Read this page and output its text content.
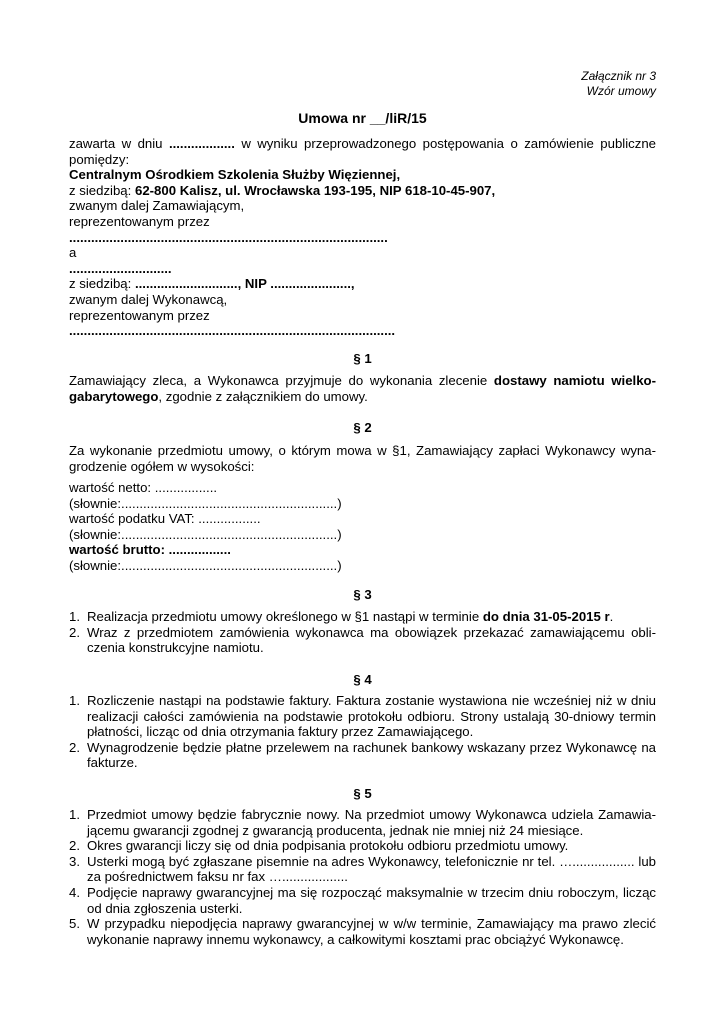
Załącznik nr 3
Wzór umowy
Umowa nr __/liR/15
zawarta w dniu .................. w wyniku przeprowadzonego postępowania o zamówienie publiczne
pomiędzy:
Centralnym Ośrodkiem Szkolenia Służby Więziennej,
z siedzibą: 62-800 Kalisz, ul. Wrocławska 193-195, NIP 618-10-45-907,
zwanym dalej Zamawiającym,
reprezentowanym przez
.......................................................................................
a
............................
z siedzibą: ............................, NIP ......................,
zwanym dalej Wykonawcą,
reprezentowanym przez
.........................................................................................
§ 1
Zamawiający zleca, a Wykonawca przyjmuje do wykonania zlecenie dostawy namiotu wielko-gabarytowego, zgodnie z załącznikiem do umowy.
§ 2
Za wykonanie przedmiotu umowy, o którym mowa w §1, Zamawiający zapłaci Wykonawcy wyna-grodzenie ogółem w wysokości:
wartość netto: .................
(słownie:...........................................................)
wartość podatku VAT: .................
(słownie:...........................................................)
wartość brutto: .................
(słownie:...........................................................)
§ 3
1. Realizacja przedmiotu umowy określonego w §1 nastąpi w terminie do dnia 31-05-2015 r.
2. Wraz z przedmiotem zamówienia wykonawca ma obowiązek przekazać zamawiającemu obli-czenia konstrukcyjne namiotu.
§ 4
1. Rozliczenie nastąpi na podstawie faktury. Faktura zostanie wystawiona nie wcześniej niż w dniu realizacji całości zamówienia na podstawie protokołu odbioru. Strony ustalają 30-dniowy termin płatności, licząc od dnia otrzymania faktury przez Zamawiającego.
2. Wynagrodzenie będzie płatne przelewem na rachunek bankowy wskazany przez Wykonawcę na fakturze.
§ 5
1. Przedmiot umowy będzie fabrycznie nowy. Na przedmiot umowy Wykonawca udziela Zamawia-jącemu gwarancji zgodnej z gwarancją producenta, jednak nie mniej niż 24 miesiące.
2. Okres gwarancji liczy się od dnia podpisania protokołu odbioru przedmiotu umowy.
3. Usterki mogą być zgłaszane pisemnie na adres Wykonawcy, telefonicznie nr tel. …................. lub za pośrednictwem faksu nr fax …..................
4. Podjęcie naprawy gwarancyjnej ma się rozpocząć maksymalnie w trzecim dniu roboczym, licząc od dnia zgłoszenia usterki.
5. W przypadku niepodjęcia naprawy gwarancyjnej w w/w terminie, Zamawiający ma prawo zlecić wykonanie naprawy innemu wykonawcy, a całkowitymi kosztami prac obciążyć Wykonawcę.
